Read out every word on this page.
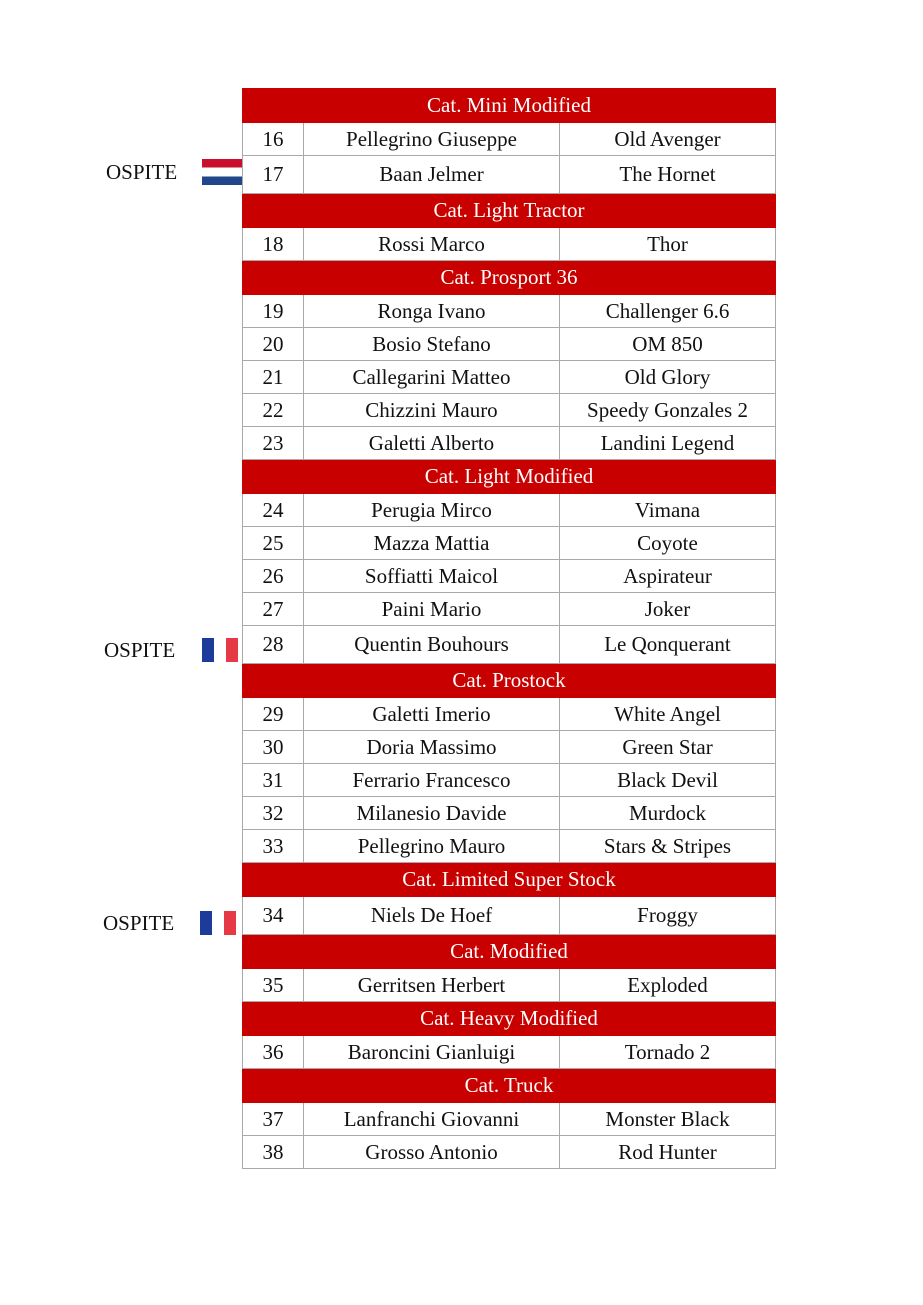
Cat. Mini Modified		
16	Pellegrino Giuseppe	Old Avenger
17	Baan Jelmer	The Hornet
Cat. Light Tractor		
18	Rossi Marco	Thor
Cat. Prosport 36		
19	Ronga Ivano	Challenger 6.6
20	Bosio Stefano	OM 850
21	Callegarini Matteo	Old Glory
22	Chizzini Mauro	Speedy Gonzales 2
23	Galetti Alberto	Landini Legend
Cat. Light Modified		
24	Perugia Mirco	Vimana
25	Mazza Mattia	Coyote
26	Soffiatti Maicol	Aspirateur
27	Paini Mario	Joker
28	Quentin Bouhours	Le Qonquerant
Cat. Prostock		
29	Galetti Imerio	White Angel
30	Doria Massimo	Green Star
31	Ferrario Francesco	Black Devil
32	Milanesio Davide	Murdock
33	Pellegrino Mauro	Stars & Stripes
Cat. Limited Super Stock		
34	Niels De Hoef	Froggy
Cat. Modified		
35	Gerritsen Herbert	Exploded
Cat. Heavy Modified		
36	Baroncini Gianluigi	Tornado 2
Cat. Truck		
37	Lanfranchi Giovanni	Monster Black
38	Grosso Antonio	Rod Hunter
OSPITE
OSPITE
OSPITE
